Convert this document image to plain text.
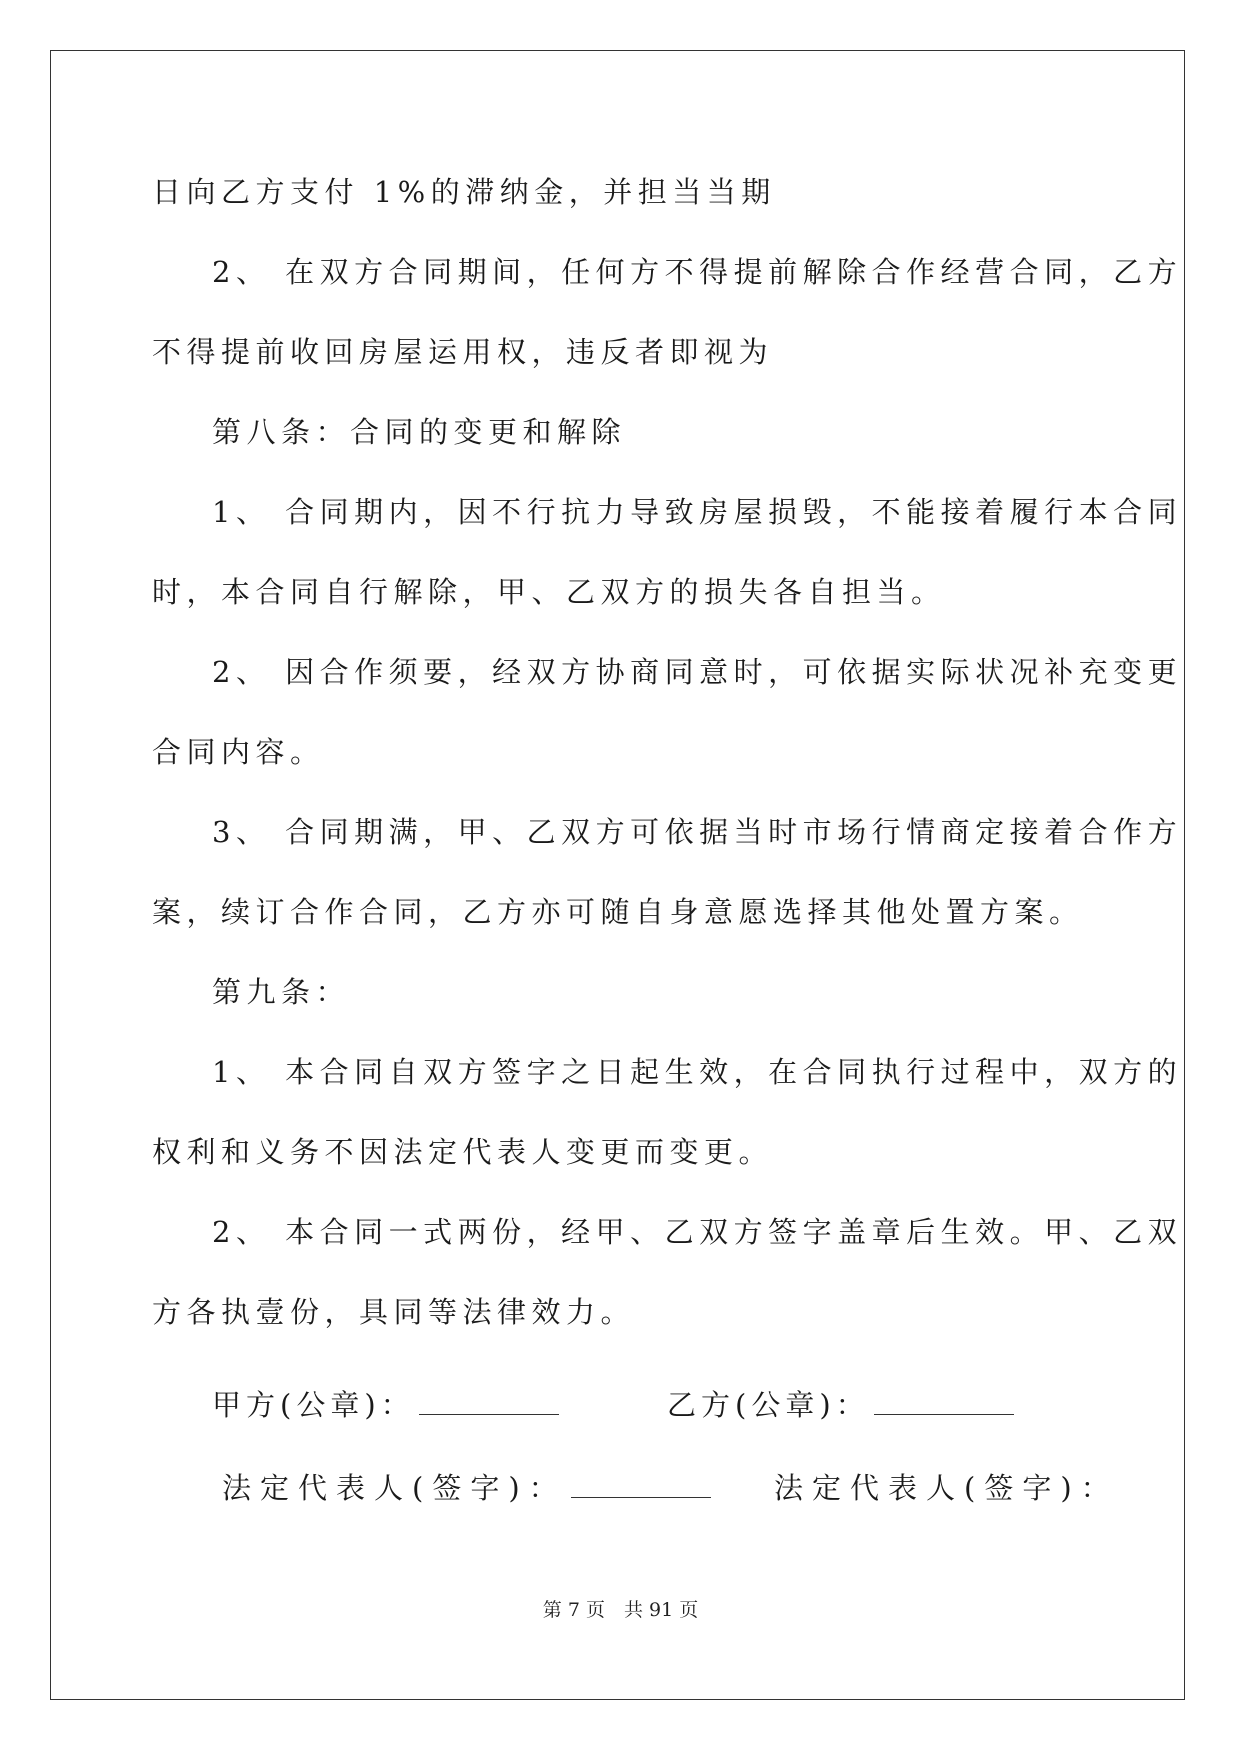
日向乙方支付 1%的滞纳金，并担当当期
2、 在双方合同期间，任何方不得提前解除合作经营合同，乙方
不得提前收回房屋运用权，违反者即视为
第八条：合同的变更和解除
1、 合同期内，因不行抗力导致房屋损毁，不能接着履行本合同
时，本合同自行解除，甲、乙双方的损失各自担当。
2、 因合作须要，经双方协商同意时，可依据实际状况补充变更
合同内容。
3、 合同期满，甲、乙双方可依据当时市场行情商定接着合作方
案，续订合作合同，乙方亦可随自身意愿选择其他处置方案。
第九条：
1、 本合同自双方签字之日起生效，在合同执行过程中，双方的
权利和义务不因法定代表人变更而变更。
2、 本合同一式两份，经甲、乙双方签字盖章后生效。甲、乙双
方各执壹份，具同等法律效力。
甲方(公章)：	乙方(公章)：
法定代表人(签字)：	法定代表人(签字)：
第 7 页　共 91 页
